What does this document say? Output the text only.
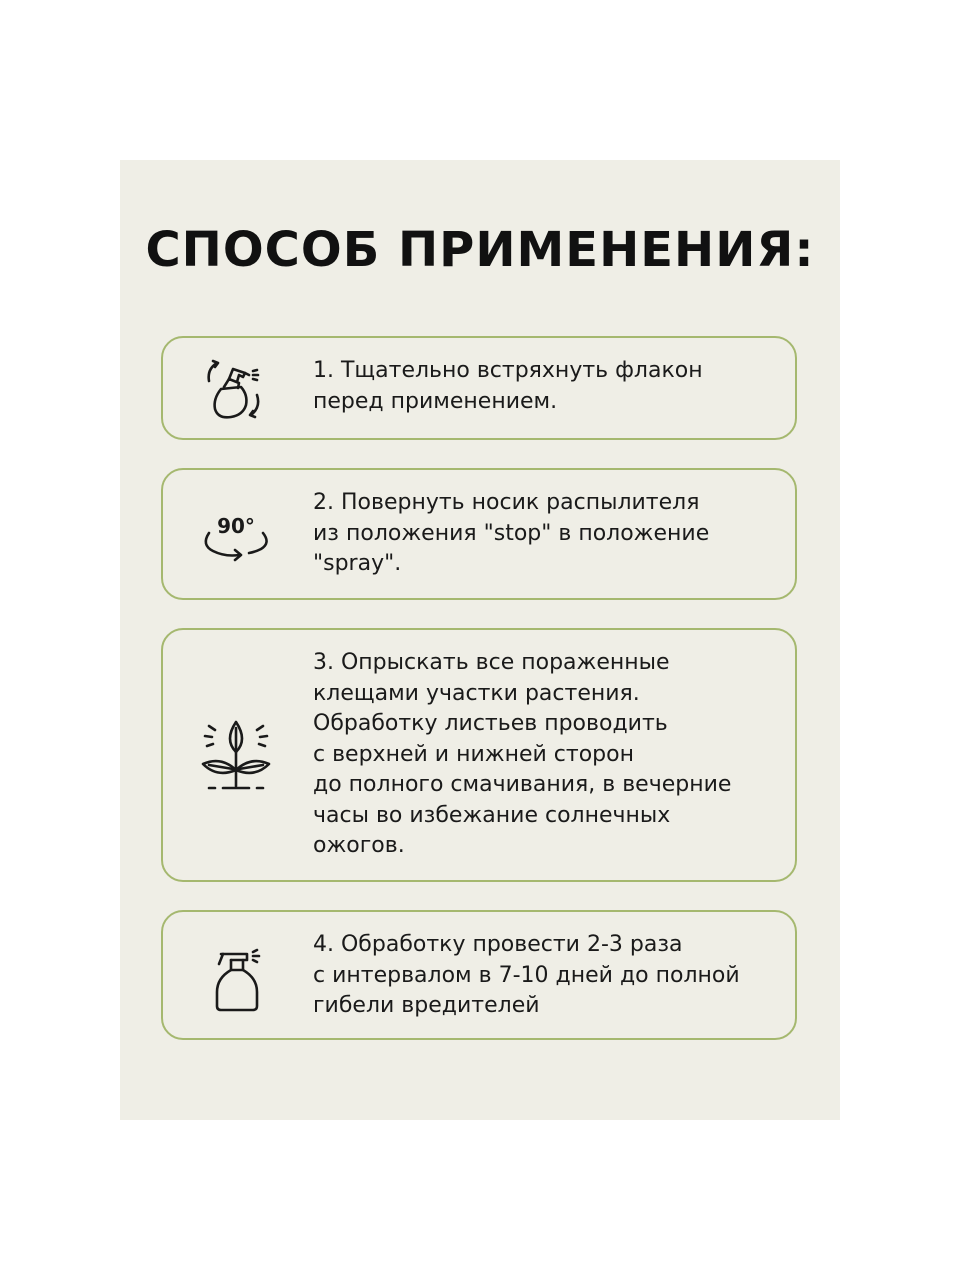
СПОСОБ ПРИМЕНЕНИЯ:

1. Тщательно встряхнуть флакон
перед применением.

90°

2. Повернуть носик распылителя
из положения "stop" в положение
"spray".

3. Опрыскать все пораженные
клещами участки растения.
Обработку листьев проводить
с верхней и нижней сторон
до полного смачивания, в вечерние
часы во избежание солнечных
ожогов.

4. Обработку провести 2-3 раза
с интервалом в 7-10 дней до полной
гибели вредителей
